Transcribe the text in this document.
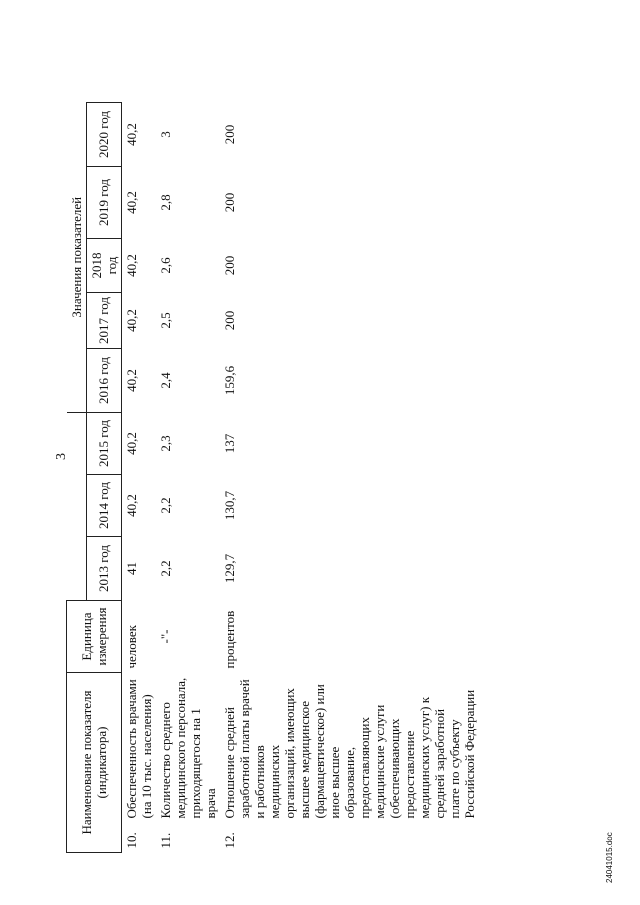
3
Наименование показателя (индикатора)		Единица измерения				Значения показателей				
			2013 год	2014 год	2015 год	2016 год	2017 год	2018 год	2019 год	2020 год
10.	Обеспеченность врачами (на 10 тыс. населения)	человек	41	40,2	40,2	40,2	40,2	40,2	40,2	40,2
11.	Количество среднего медицинского персонала, приходящегося на 1 врача	-"-	2,2	2,2	2,3	2,4	2,5	2,6	2,8	3
12.	Отношение средней заработной платы врачей и работников медицинских организаций, имеющих высшее медицинское (фармацевтическое) или иное высшее образование, предоставляющих медицинские услуги (обеспечивающих предоставление медицинских услуг) к средней заработной плате по субъекту Российской Федерации	процентов	129,7	130,7	137	159,6	200	200	200	200
24041015.doc
